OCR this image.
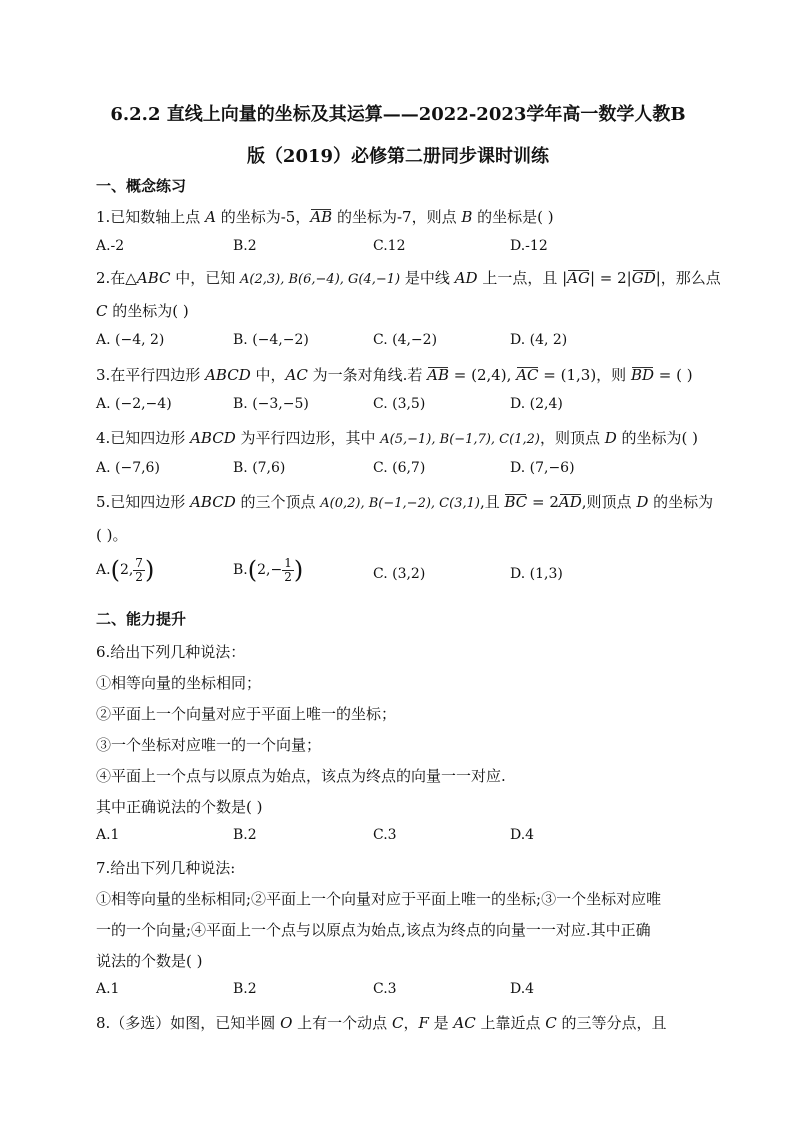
6.2.2 直线上向量的坐标及其运算——2022-2023学年高一数学人教B
版（2019）必修第二册同步课时训练
一、概念练习
1.已知数轴上点 A 的坐标为-5，AB 的坐标为-7，则点 B 的坐标是( )
A.-2	B.2	C.12	D.-12
2.在△ABC 中，已知 A(2,3), B(6,−4), G(4,−1) 是中线 AD 上一点，且 |AG| = 2|GD|，那么点
C 的坐标为( )
A. (−4, 2)	B. (−4,−2)	C. (4,−2)	D. (4, 2)
3.在平行四边形 ABCD 中，AC 为一条对角线.若 AB = (2,4), AC = (1,3)，则 BD = ( )
A. (−2,−4)	B. (−3,−5)	C. (3,5)	D. (2,4)
4.已知四边形 ABCD 为平行四边形，其中 A(5,−1), B(−1,7), C(1,2)，则顶点 D 的坐标为( )
A. (−7,6)	B. (7,6)	C. (6,7)	D. (7,−6)
5.已知四边形 ABCD 的三个顶点 A(0,2), B(−1,−2), C(3,1),且 BC = 2AD,则顶点 D 的坐标为
( )。
A.(2, $\frac{7}{2}$ )	$B.(2,- \frac{1}{2}$ )	C. (3,2)	D. (1,3)
二、能力提升
6.给出下列几种说法：
①相等向量的坐标相同；
②平面上一个向量对应于平面上唯一的坐标；
③一个坐标对应唯一的一个向量；
④平面上一个点与以原点为始点，该点为终点的向量一一对应.
其中正确说法的个数是( )
A.1	B.2	C.3	D.4
7.给出下列几种说法:
①相等向量的坐标相同;②平面上一个向量对应于平面上唯一的坐标;③一个坐标对应唯
一的一个向量;④平面上一个点与以原点为始点,该点为终点的向量一一对应.其中正确
说法的个数是( )
A.1	B.2	C.3	D.4
8.（多选）如图，已知半圆 O 上有一个动点 C，F 是 AC 上靠近点 C 的三等分点，且
